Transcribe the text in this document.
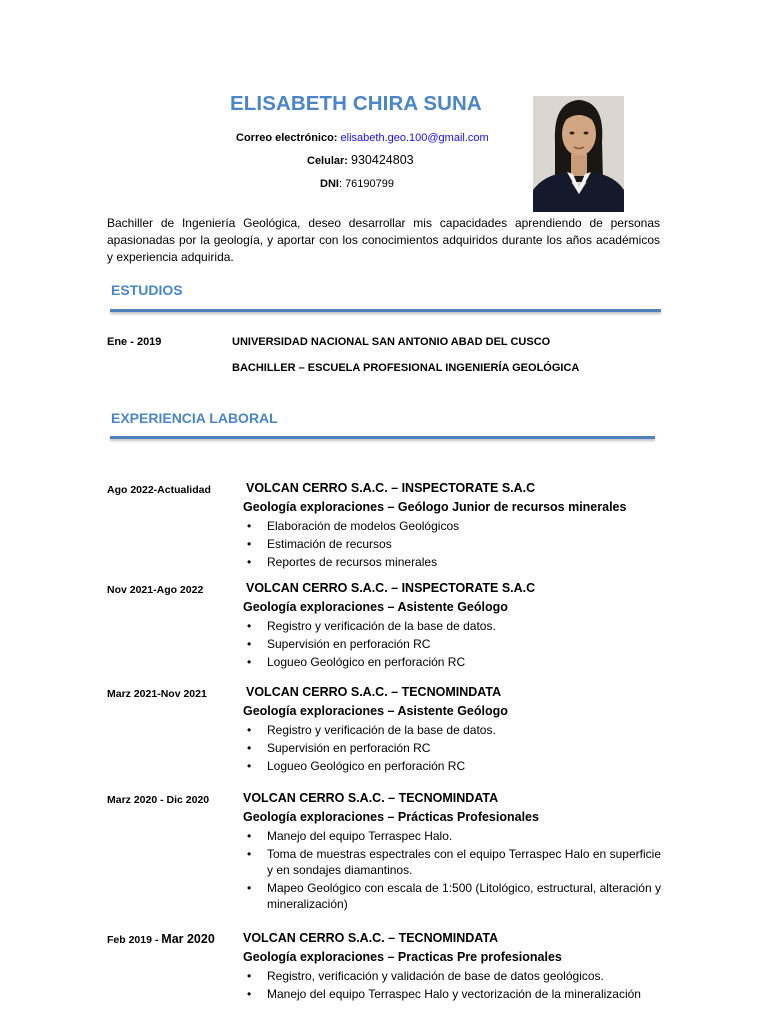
ELISABETH CHIRA SUNA
Correo electrónico: elisabeth.geo.100@gmail.com
Celular: 930424803
DNI: 76190799
Bachiller de Ingeniería Geológica, deseo desarrollar mis capacidades aprendiendo de personas apasionadas por la geología, y aportar con los conocimientos adquiridos durante los años académicos y experiencia adquirida.
ESTUDIOS
Ene - 2019	UNIVERSIDAD NACIONAL SAN ANTONIO ABAD DEL CUSCO
BACHILLER – ESCUELA PROFESIONAL INGENIERÍA GEOLÓGICA
EXPERIENCIA LABORAL
Ago 2022-Actualidad	VOLCAN CERRO S.A.C. – INSPECTORATE S.A.C
Geología exploraciones – Geólogo Junior de recursos minerales
• Elaboración de modelos Geológicos
• Estimación de recursos
• Reportes de recursos minerales
Nov 2021-Ago 2022	VOLCAN CERRO S.A.C. – INSPECTORATE S.A.C
Geología exploraciones – Asistente Geólogo
• Registro y verificación de la base de datos.
• Supervisión en perforación RC
• Logueo Geológico en perforación RC
Marz 2021-Nov 2021	VOLCAN CERRO S.A.C. – TECNOMINDATA
Geología exploraciones – Asistente Geólogo
• Registro y verificación de la base de datos.
• Supervisión en perforación RC
• Logueo Geológico en perforación RC
Marz 2020 - Dic 2020	VOLCAN CERRO S.A.C. – TECNOMINDATA
Geología exploraciones – Prácticas Profesionales
• Manejo del equipo Terraspec Halo.
• Toma de muestras espectrales con el equipo Terraspec Halo en superficie y en sondajes diamantinos.
• Mapeo Geológico con escala de 1:500 (Litológico, estructural, alteración y mineralización)
Feb 2019 - Mar 2020 VOLCAN CERRO S.A.C. – TECNOMINDATA
Geología exploraciones – Practicas Pre profesionales
• Registro, verificación y validación de base de datos geológicos.
• Manejo del equipo Terraspec Halo y vectorización de la mineralización
